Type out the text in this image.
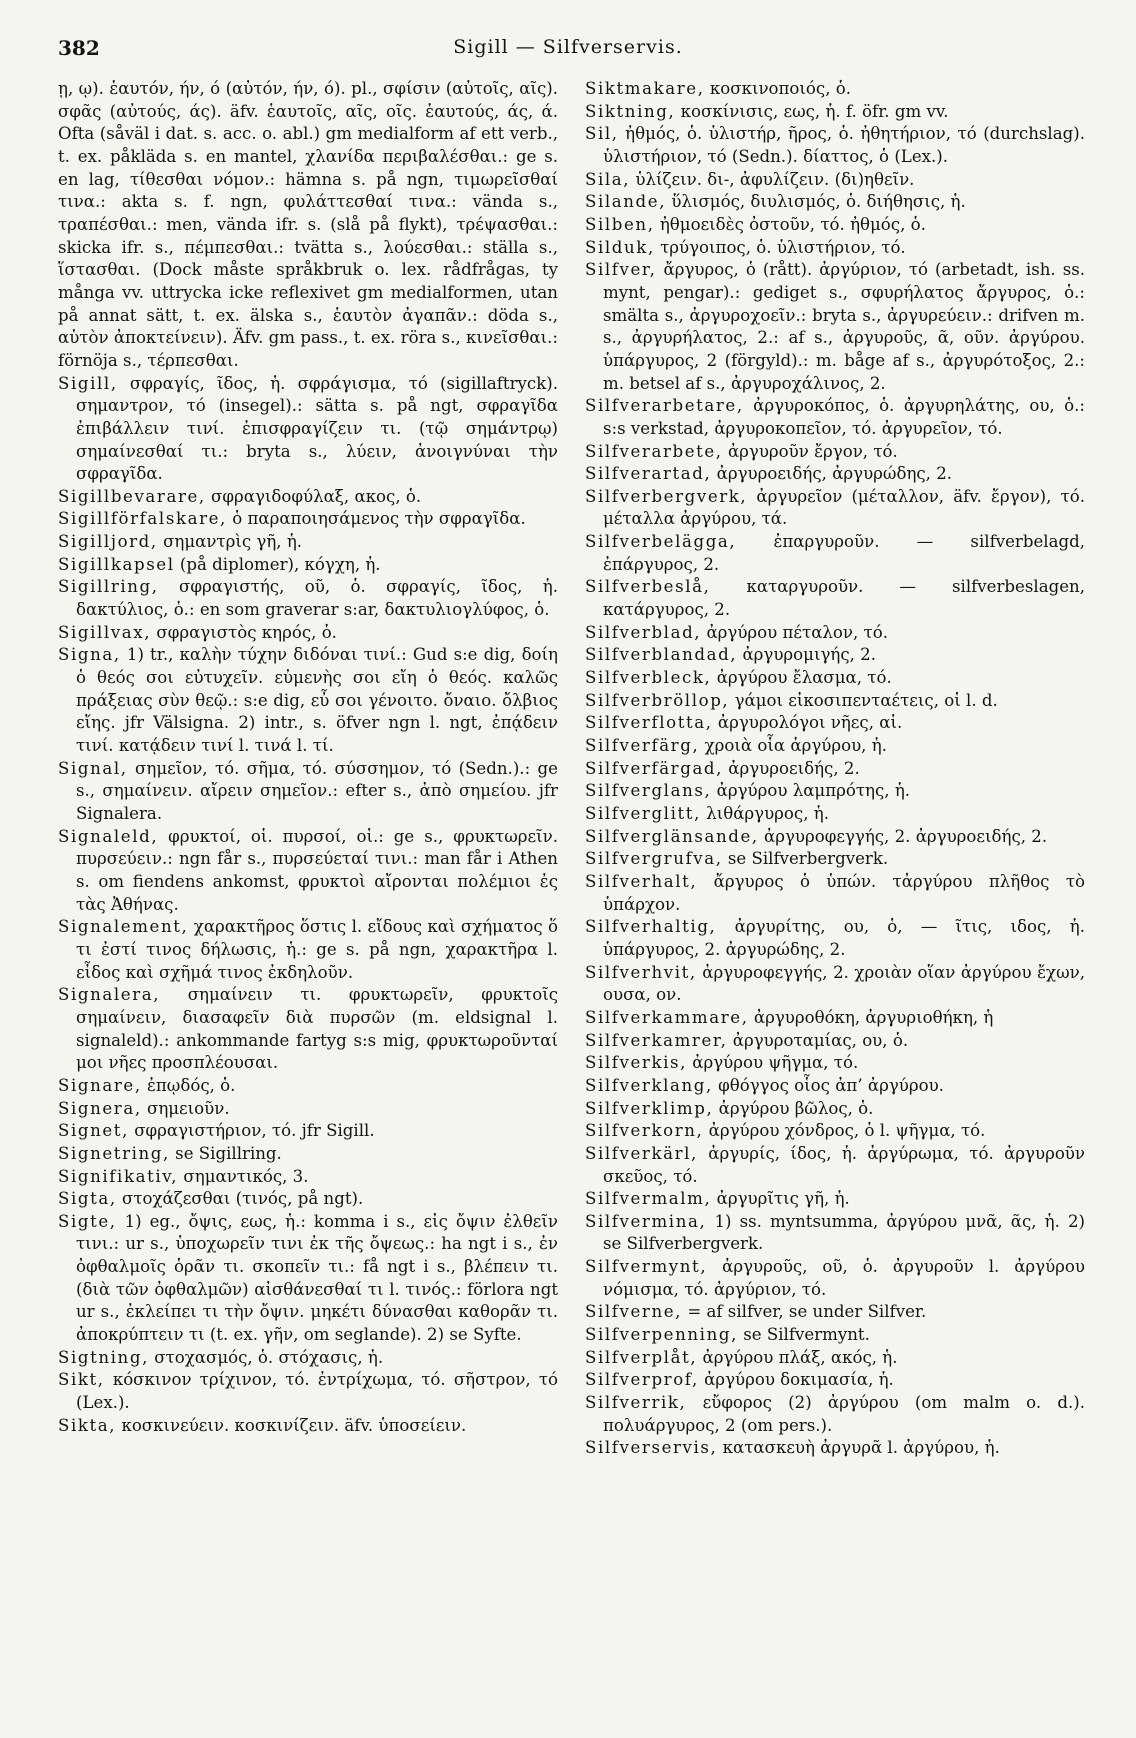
382	Sigill — Silfverservis.

ῃ, ῳ). ἑαυτόν, ήν, ό (αὐτόν, ήν, ό). pl., σφίσιν (αὐτοῖς, αῖς). σφᾶς (αὐτούς, άς). äfv. ἑαυτοῖς, αῖς, οῖς. ἑαυτούς, άς, ά. Ofta (såväl i dat. s. acc. o. abl.) gm medialform af ett verb., t. ex. påkläda s. en mantel, χλανίδα περιβαλέσθαι.: ge s. en lag, τίθεσθαι νόμον.: hämna s. på ngn, τιμωρεῖσθαί τινα.: akta s. f. ngn, φυλάττεσθαί τινα.: vända s., τραπέσθαι.: men, vända ifr. s. (slå på flykt), τρέψασθαι.: skicka ifr. s., πέμπεσθαι.: tvätta s., λούεσθαι.: ställa s., ἵστασθαι. (Dock måste språkbruk o. lex. rådfrågas, ty många vv. uttrycka icke reflexivet gm medialformen, utan på annat sätt, t. ex. älska s., ἑαυτὸν ἀγαπᾶν.: döda s., αὑτὸν ἀποκτείνειν). Äfv. gm pass., t. ex. röra s., κινεῖσθαι.: förnöja s., τέρπεσθαι.

Sigill, σφραγίς, ῖδος, ἡ. σφράγισμα, τό (sigillaftryck). σημαντρον, τό (insegel).: sätta s. på ngt, σφραγῖδα ἐπιβάλλειν τινί. ἐπισφραγίζειν τι. (τῷ σημάντρῳ) σημαίνεσθαί τι.: bryta s., λύειν, ἀνοιγνύναι τὴν σφραγῖδα.

Sigillbevarare, σφραγιδοφύλαξ, ακος, ὁ.

Sigillförfalskare, ὁ παραποιησάμενος τὴν σφραγῖδα.

Sigilljord, σημαντρὶς γῆ, ἡ.

Sigillkapsel (på diplomer), κόγχη, ἡ.

Sigillring, σφραγιστής, οῦ, ὁ. σφραγίς, ῖδος, ἡ. δακτύλιος, ὁ.: en som graverar s:ar, δακτυλιογλύφος, ὁ.

Sigillvax, σφραγιστὸς κηρός, ὁ.

Signa, 1) tr., καλὴν τύχην διδόναι τινί.: Gud s:e dig, δοίη ὁ θεός σοι εὐτυχεῖν. εὐμενὴς σοι εἴη ὁ θεός. καλῶς πράξειας σὺν θεῷ.: s:e dig, εὖ σοι γένοιτο. ὄναιο. ὄλβιος εἴης. jfr Välsigna. 2) intr., s. öfver ngn l. ngt, ἐπᾴδειν τινί. κατᾴδειν τινί l. τινά l. τί.

Signal, σημεῖον, τό. σῆμα, τό. σύσσημον, τό (Sedn.).: ge s., σημαίνειν. αἴρειν σημεῖον.: efter s., ἀπὸ σημείου. jfr Signalera.

Signaleld, φρυκτοί, οἱ. πυρσοί, οἱ.: ge s., φρυκτωρεῖν. πυρσεύειν.: ngn får s., πυρσεύεταί τινι.: man får i Athen s. om fiendens ankomst, φρυκτοὶ αἴρονται πολέμιοι ἐς τὰς Ἀθήνας.

Signalement, χαρακτῆρος ὅστις l. εἴδους καὶ σχήματος ὅ τι ἐστί τινος δήλωσις, ἡ.: ge s. på ngn, χαρακτῆρα l. εἶδος καὶ σχῆμά τινος ἐκδηλοῦν.

Signalera, σημαίνειν τι. φρυκτωρεῖν, φρυκτοῖς σημαίνειν, διασαφεῖν διὰ πυρσῶν (m. eldsignal l. signaleld).: ankommande fartyg s:s mig, φρυκτωροῦνταί μοι νῆες προσπλέουσαι.

Signare, ἐπῳδός, ὁ.

Signera, σημειοῦν.

Signet, σφραγιστήριον, τό. jfr Sigill.

Signetring, se Sigillring.

Signifikativ, σημαντικός, 3.

Sigta, στοχάζεσθαι (τινός, på ngt).

Sigte, 1) eg., ὄψις, εως, ἡ.: komma i s., εἰς ὄψιν ἐλθεῖν τινι.: ur s., ὑποχωρεῖν τινι ἐκ τῆς ὄψεως.: ha ngt i s., ἐν ὀφθαλμοῖς ὁρᾶν τι. σκοπεῖν τι.: få ngt i s., βλέπειν τι. (διὰ τῶν ὀφθαλμῶν) αἰσθάνεσθαί τι l. τινός.: förlora ngt ur s., ἐκλείπει τι τὴν ὄψιν. μηκέτι δύνασθαι καθορᾶν τι. ἀποκρύπτειν τι (t. ex. γῆν, om seglande). 2) se Syfte.

Sigtning, στοχασμός, ὁ. στόχασις, ἡ.

Sikt, κόσκινον τρίχινον, τό. ἐντρίχωμα, τό. σῆστρον, τό (Lex.).

Sikta, κοσκινεύειν. κοσκινίζειν. äfv. ὑποσείειν.

Siktmakare, κοσκινοποιός, ὁ.

Siktning, κοσκίνισις, εως, ἡ. f. öfr. gm vv.

Sil, ἠθμός, ὁ. ὑλιστήρ, ῆρος, ὁ. ἠθητήριον, τό (durchslag). ὑλιστήριον, τό (Sedn.). δίαττος, ὁ (Lex.).

Sila, ὑλίζειν. δι-, ἀφυλίζειν. (δι)ηθεῖν.

Silande, ὕλισμός, διυλισμός, ὁ. διήθησις, ἡ.

Silben, ἠθμοειδὲς ὀστοῦν, τό. ἠθμός, ὁ.

Silduk, τρύγοιπος, ὁ. ὑλιστήριον, τό.

Silfver, ἄργυρος, ὁ (rått). ἀργύριον, τό (arbetadt, ish. ss. mynt, pengar).: gediget s., σφυρήλατος ἄργυρος, ὁ.: smälta s., ἀργυροχοεῖν.: bryta s., ἀργυρεύειν.: drifven m. s., ἀργυρήλατος, 2.: af s., ἀργυροῦς, ᾶ, οῦν. ἀργύρου. ὑπάργυρος, 2 (förgyld).: m. båge af s., ἀργυρότοξος, 2.: m. betsel af s., ἀργυροχάλινος, 2.

Silfverarbetare, ἀργυροκόπος, ὁ. ἀργυρηλάτης, ου, ὁ.: s:s verkstad, ἀργυροκοπεῖον, τό. ἀργυρεῖον, τό.

Silfverarbete, ἀργυροῦν ἔργον, τό.

Silfverartad, ἀργυροειδής, ἀργυρώδης, 2.

Silfverbergverk, ἀργυρεῖον (μέταλλον, äfv. ἔργον), τό. μέταλλα ἀργύρου, τά.

Silfverbelägga, ἐπαργυροῦν. — silfverbelagd, ἐπάργυρος, 2.

Silfverbeslå, καταργυροῦν. — silfverbeslagen, κατάργυρος, 2.

Silfverblad, ἀργύρου πέταλον, τό.

Silfverblandad, ἀργυρομιγής, 2.

Silfverbleck, ἀργύρου ἔλασμα, τό.

Silfverbröllop, γάμοι εἰκοσιπενταέτεις, οἱ l. d.

Silfverflotta, ἀργυρολόγοι νῆες, αἱ.

Silfverfärg, χροιὰ οἷα ἀργύρου, ἡ.

Silfverfärgad, ἀργυροειδής, 2.

Silfverglans, ἀργύρου λαμπρότης, ἡ.

Silfverglitt, λιθάργυρος, ἡ.

Silfverglänsande, ἀργυροφεγγής, 2. ἀργυροειδής, 2.

Silfvergrufva, se Silfverbergverk.

Silfverhalt, ἄργυρος ὁ ὑπών. τἀργύρου πλῆθος τὸ ὑπάρχον.

Silfverhaltig, ἀργυρίτης, ου, ὁ, — ῖτις, ιδος, ἡ. ὑπάργυρος, 2. ἀργυρώδης, 2.

Silfverhvit, ἀργυροφεγγής, 2. χροιὰν οἵαν ἀργύρου ἔχων, ουσα, ον.

Silfverkammare, ἀργυροθόκη, ἀργυριοθήκη, ἡ

Silfverkamrer, ἀργυροταμίας, ου, ὁ.

Silfverkis, ἀργύρου ψῆγμα, τό.

Silfverklang, φθόγγος οἷος ἀπ’ ἀργύρου.

Silfverklimp, ἀργύρου βῶλος, ὁ.

Silfverkorn, ἀργύρου χόνδρος, ὁ l. ψῆγμα, τό.

Silfverkärl, ἀργυρίς, ίδος, ἡ. ἀργύρωμα, τό. ἀργυροῦν σκεῦος, τό.

Silfvermalm, ἀργυρῖτις γῆ, ἡ.

Silfvermina, 1) ss. myntsumma, ἀργύρου μνᾶ, ᾶς, ἡ. 2) se Silfverbergverk.

Silfvermynt, ἀργυροῦς, οῦ, ὁ. ἀργυροῦν l. ἀργύρου νόμισμα, τό. ἀργύριον, τό.

Silfverne, = af silfver, se under Silfver.

Silfverpenning, se Silfvermynt.

Silfverplåt, ἀργύρου πλάξ, ακός, ἡ.

Silfverprof, ἀργύρου δοκιμασία, ἡ.

Silfverrik, εὔφορος (2) ἀργύρου (om malm o. d.). πολυάργυρος, 2 (om pers.).

Silfverservis, κατασκευὴ ἀργυρᾶ l. ἀργύρου, ἡ.
